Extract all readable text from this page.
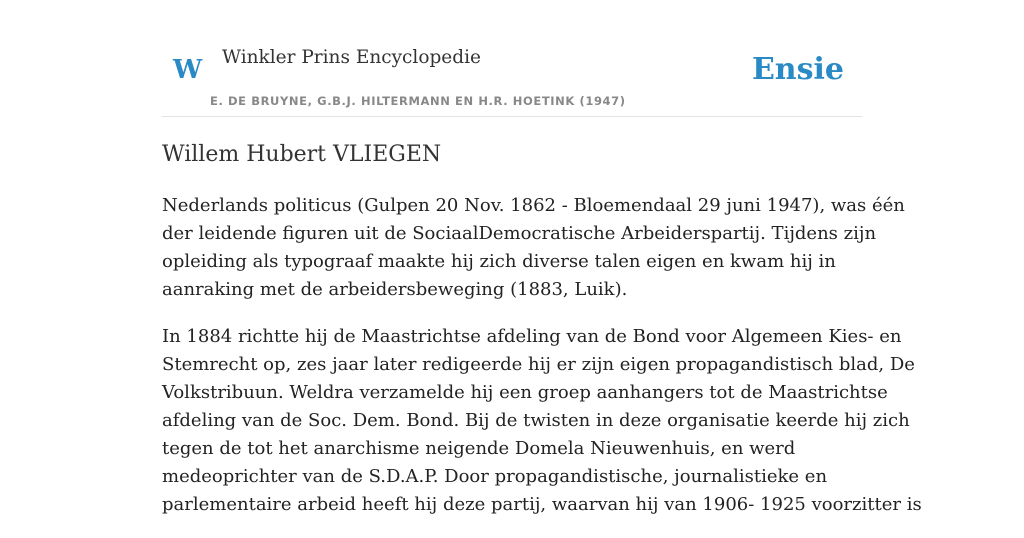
W Winkler Prins Encyclopedie
E. DE BRUYNE, G.B.J. HILTERMANN EN H.R. HOETINK (1947)
Ensie
Willem Hubert VLIEGEN

Nederlands politicus (Gulpen 20 Nov. 1862 - Bloemendaal 29 juni 1947), was één
der leidende figuren uit de SociaalDemocratische Arbeiderspartij. Tijdens zijn
opleiding als typograaf maakte hij zich diverse talen eigen en kwam hij in
aanraking met de arbeidersbeweging (1883, Luik).

In 1884 richtte hij de Maastrichtse afdeling van de Bond voor Algemeen Kies- en
Stemrecht op, zes jaar later redigeerde hij er zijn eigen propagandistisch blad, De
Volkstribuun. Weldra verzamelde hij een groep aanhangers tot de Maastrichtse
afdeling van de Soc. Dem. Bond. Bij de twisten in deze organisatie keerde hij zich
tegen de tot het anarchisme neigende Domela Nieuwenhuis, en werd
medeoprichter van de S.D.A.P. Door propagandistische, journalistieke en
parlementaire arbeid heeft hij deze partij, waarvan hij van 1906- 1925 voorzitter is
